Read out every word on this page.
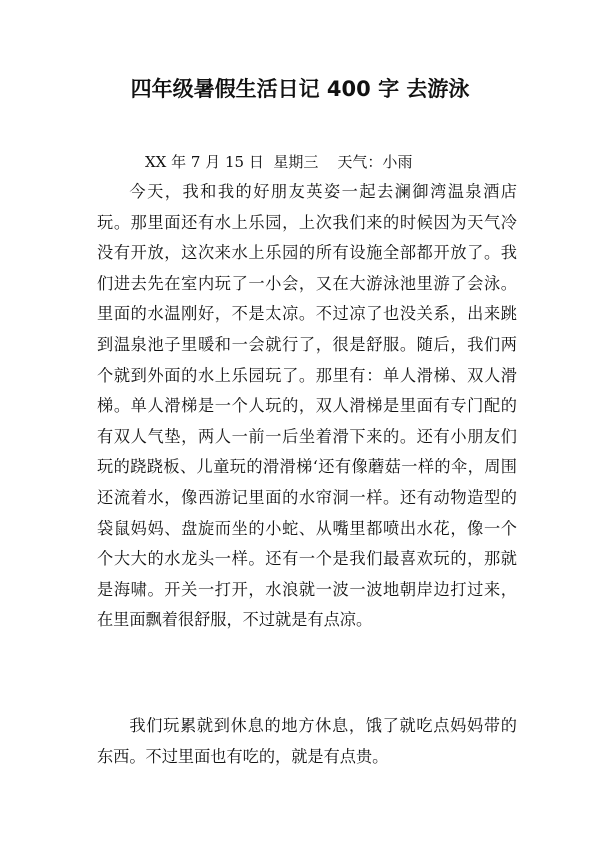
四年级暑假生活日记 400 字 去游泳

XX 年 7 月 15 日  星期三    天气：小雨

今天，我和我的好朋友英姿一起去澜御湾温泉酒店玩。那里面还有水上乐园，上次我们来的时候因为天气冷没有开放，这次来水上乐园的所有设施全部都开放了。我们进去先在室内玩了一小会，又在大游泳池里游了会泳。里面的水温刚好，不是太凉。不过凉了也没关系，出来跳到温泉池子里暖和一会就行了，很是舒服。随后，我们两个就到外面的水上乐园玩了。那里有：单人滑梯、双人滑梯。单人滑梯是一个人玩的，双人滑梯是里面有专门配的有双人气垫，两人一前一后坐着滑下来的。还有小朋友们玩的跷跷板、儿童玩的滑滑梯‘还有像蘑菇一样的伞，周围还流着水，像西游记里面的水帘洞一样。还有动物造型的袋鼠妈妈、盘旋而坐的小蛇、从嘴里都喷出水花，像一个个大大的水龙头一样。还有一个是我们最喜欢玩的，那就是海啸。开关一打开，水浪就一波一波地朝岸边打过来，在里面飘着很舒服，不过就是有点凉。

我们玩累就到休息的地方休息，饿了就吃点妈妈带的东西。不过里面也有吃的，就是有点贵。
